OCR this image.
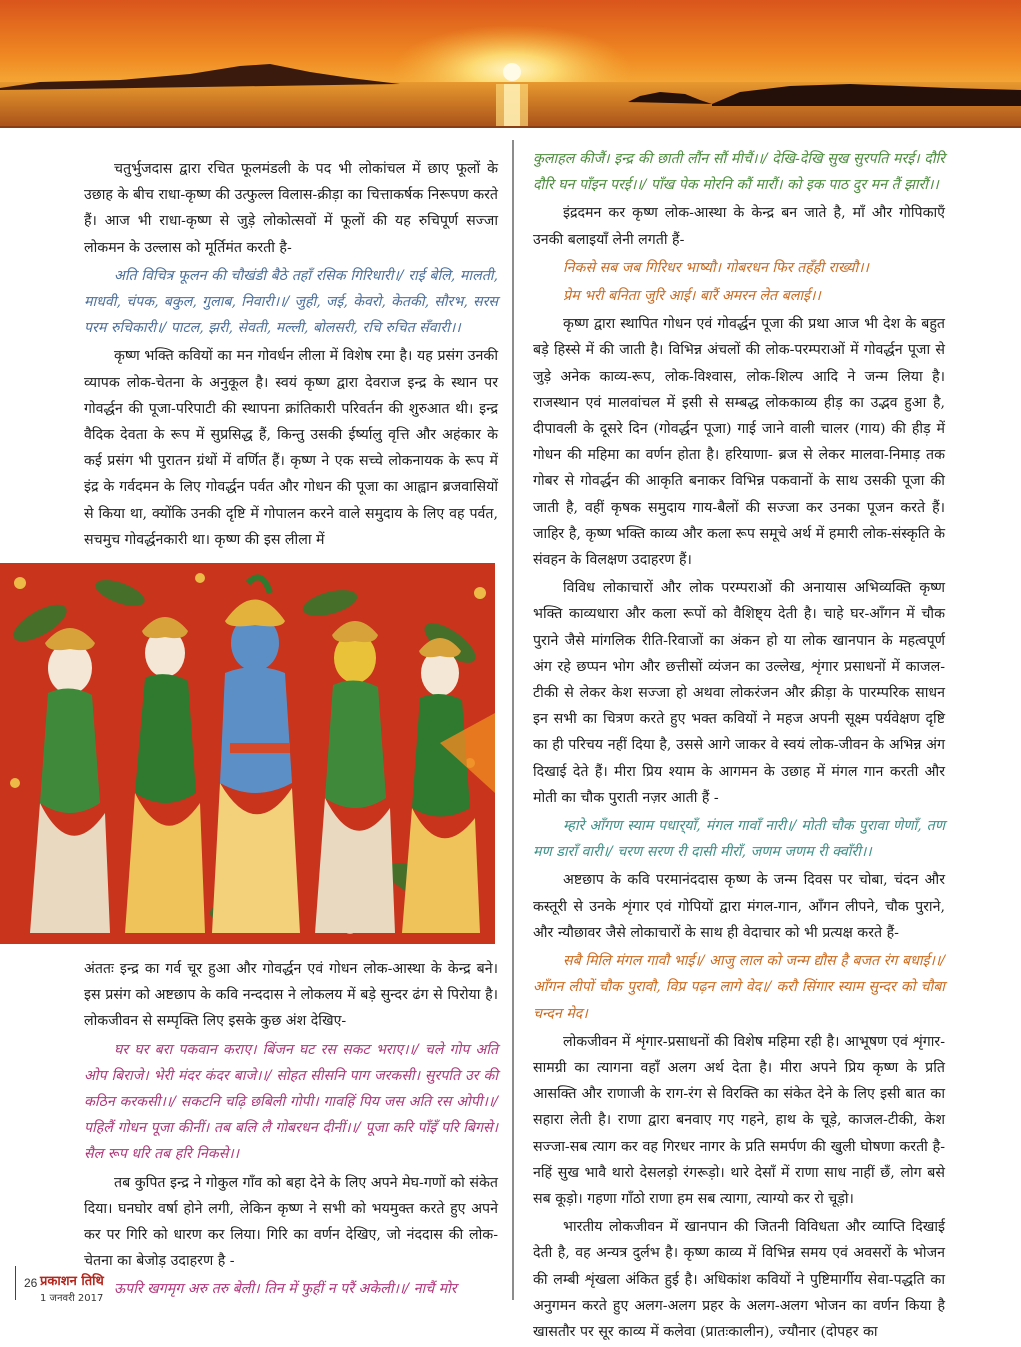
चतुर्भुजदास द्वारा रचित फूलमंडली के पद भी लोकांचल में छाए फूलों के उछाह के बीच राधा-कृष्ण की उत्फुल्ल विलास-क्रीड़ा का चित्ताकर्षक निरूपण करते हैं। आज भी राधा-कृष्ण से जुड़े लोकोत्सवों में फूलों की यह रुचिपूर्ण सज्जा लोकमन के उल्लास को मूर्तिमंत करती है-

अति विचित्र फूलन की चौखंडी बैठे तहाँ रसिक गिरिधारी।/ राई बेलि, मालती, माधवी, चंपक, बकुल, गुलाब, निवारी।।/ जुही, जई, केवरो, केतकी, सौरभ, सरस परम रुचिकारी।/ पाटल, झरी, सेवती, मल्ली, बोलसरी, रचि रुचित सँवारी।।

कृष्ण भक्ति कवियों का मन गोवर्धन लीला में विशेष रमा है। यह प्रसंग उनकी व्यापक लोक-चेतना के अनुकूल है। स्वयं कृष्ण द्वारा देवराज इन्द्र के स्थान पर गोवर्द्धन की पूजा-परिपाटी की स्थापना क्रांतिकारी परिवर्तन की शुरुआत थी। इन्द्र वैदिक देवता के रूप में सुप्रसिद्ध हैं, किन्तु उसकी ईर्ष्यालु वृत्ति और अहंकार के कई प्रसंग भी पुरातन ग्रंथों में वर्णित हैं। कृष्ण ने एक सच्चे लोकनायक के रूप में इंद्र के गर्वदमन के लिए गोवर्द्धन पर्वत और गोधन की पूजा का आह्वान ब्रजवासियों से किया था, क्योंकि उनकी दृष्टि में गोपालन करने वाले समुदाय के लिए वह पर्वत, सचमुच गोवर्द्धनकारी था। कृष्ण की इस लीला में

अंततः इन्द्र का गर्व चूर हुआ और गोवर्द्धन एवं गोधन लोक-आस्था के केन्द्र बने। इस प्रसंग को अष्टछाप के कवि नन्ददास ने लोकलय में बड़े सुन्दर ढंग से पिरोया है। लोकजीवन से सम्पृक्ति लिए इसके कुछ अंश देखिए-

घर घर बरा पकवान कराए। बिंजन घट रस सकट भराए।।/ चले गोप अति ओप बिराजे। भेरी मंदर कंदर बाजे।।/ सोहत सीसनि पाग जरकसी। सुरपति उर की कठिन करकसी।।/ सकटनि चढ़ि छबिली गोपी। गावहिं पिय जस अति रस ओपी।।/ पहिलैं गोधन पूजा कीनीं। तब बलि लै गोबरधन दीनीं।।/ पूजा करि पाँइँ परि बिगसे। सैल रूप धरि तब हरि निकसे।।

तब कुपित इन्द्र ने गोकुल गाँव को बहा देने के लिए अपने मेघ-गणों को संकेत दिया। घनघोर वर्षा होने लगी, लेकिन कृष्ण ने सभी को भयमुक्त करते हुए अपने कर पर गिरि को धारण कर लिया। गिरि का वर्णन देखिए, जो नंददास की लोक-चेतना का बेजोड़ उदाहरण है -

ऊपरि खगमृग अरु तरु बेली। तिन में फुहीं न परैं अकेली।।/ नाचैं मोर

कुलाहल कीजैं। इन्द्र की छाती लौंन सौं मीचैं।।/ देखि-देखि सुख सुरपति मरई। दौरि दौरि घन पाँइन परई।।/ पाँख पेक मोरनि कौं मारौं। को इक पाठ दुर मन तैं झारौं।।

इंद्रदमन कर कृष्ण लोक-आस्था के केन्द्र बन जाते है, माँ और गोपिकाएँ उनकी बलाइयाँ लेनी लगती हैं-

निकसे सब जब गिरिधर भाष्यौ। गोबरधन फिर तहँही राख्यौ।।

प्रेम भरी बनिता जुरि आई। बारैं अमरन लेत बलाई।।

कृष्ण द्वारा स्थापित गोधन एवं गोवर्द्धन पूजा की प्रथा आज भी देश के बहुत बड़े हिस्से में की जाती है। विभिन्न अंचलों की लोक-परम्पराओं में गोवर्द्धन पूजा से जुड़े अनेक काव्य-रूप, लोक-विश्वास, लोक-शिल्प आदि ने जन्म लिया है। राजस्थान एवं मालवांचल में इसी से सम्बद्ध लोककाव्य हीड़ का उद्भव हुआ है, दीपावली के दूसरे दिन (गोवर्द्धन पूजा) गाई जाने वाली चालर (गाय) की हीड़ में गोधन की महिमा का वर्णन होता है। हरियाणा- ब्रज से लेकर मालवा-निमाड़ तक गोबर से गोवर्द्धन की आकृति बनाकर विभिन्न पकवानों के साथ उसकी पूजा की जाती है, वहीं कृषक समुदाय गाय-बैलों की सज्जा कर उनका पूजन करते हैं। जाहिर है, कृष्ण भक्ति काव्य और कला रूप समूचे अर्थ में हमारी लोक-संस्कृति के संवहन के विलक्षण उदाहरण हैं।

विविध लोकाचारों और लोक परम्पराओं की अनायास अभिव्यक्ति कृष्ण भक्ति काव्यधारा और कला रूपों को वैशिष्ट्य देती है। चाहे घर-आँगन में चौक पुराने जैसे मांगलिक रीति-रिवाजों का अंकन हो या लोक खानपान के महत्वपूर्ण अंग रहे छप्पन भोग और छत्तीसों व्यंजन का उल्लेख, शृंगार प्रसाधनों में काजल-टीकी से लेकर केश सज्जा हो अथवा लोकरंजन और क्रीड़ा के पारम्परिक साधन इन सभी का चित्रण करते हुए भक्त कवियों ने महज अपनी सूक्ष्म पर्यवेक्षण दृष्टि का ही परिचय नहीं दिया है, उससे आगे जाकर वे स्वयं लोक-जीवन के अभिन्न अंग दिखाई देते हैं। मीरा प्रिय श्याम के आगमन के उछाह में मंगल गान करती और मोती का चौक पुराती नज़र आती हैं -

म्हारे आँगण स्याम पधार्‌याँ, मंगल गावाँ नारी।/ मोती चौक पुरावा णेणाँ, तण मण डाराँ वारी।/ चरण सरण री दासी मीराँ, जणम जणम री क्वाँरी।।

अष्टछाप के कवि परमानंददास कृष्ण के जन्म दिवस पर चोबा, चंदन और कस्तूरी से उनके शृंगार एवं गोपियों द्वारा मंगल-गान, आँगन लीपने, चौक पुराने, और न्यौछावर जैसे लोकाचारों के साथ ही वेदाचार को भी प्रत्यक्ष करते हैं-

सबै मिलि मंगल गावौ भाई।/ आजु लाल को जन्म द्यौस है बजत रंग बधाई।।/ आँगन लीपों चौक पुरावौ, विप्र पढ़न लागे वेद।/ करौ सिंगार स्याम सुन्दर को चौबा चन्दन मेद।

लोकजीवन में शृंगार-प्रसाधनों की विशेष महिमा रही है। आभूषण एवं शृंगार-सामग्री का त्यागना वहाँ अलग अर्थ देता है। मीरा अपने प्रिय कृष्ण के प्रति आसक्ति और राणाजी के राग-रंग से विरक्ति का संकेत देने के लिए इसी बात का सहारा लेती है। राणा द्वारा बनवाए गए गहने, हाथ के चूड़े, काजल-टीकी, केश सज्जा-सब त्याग कर वह गिरधर नागर के प्रति समर्पण की खुली घोषणा करती है- नहिं सुख भावै थारो देसलड़ो रंगरूड़ो। थारे देसाँ में राणा साध नाहीं छँ, लोग बसे सब कूड़ो। गहणा गाँठो राणा हम सब त्यागा, त्याग्यो कर रो चूड़ो।

भारतीय लोकजीवन में खानपान की जितनी विविधता और व्याप्ति दिखाई देती है, वह अन्यत्र दुर्लभ है। कृष्ण काव्य में विभिन्न समय एवं अवसरों के भोजन की लम्बी शृंखला अंकित हुई है। अधिकांश कवियों ने पुष्टिमार्गीय सेवा-पद्धति का अनुगमन करते हुए अलग-अलग प्रहर के अलग-अलग भोजन का वर्णन किया है खासतौर पर सूर काव्य में कलेवा (प्रातःकालीन), ज्यौनार (दोपहर का

26 प्रकाशन तिथि
1 जनवरी 2017
